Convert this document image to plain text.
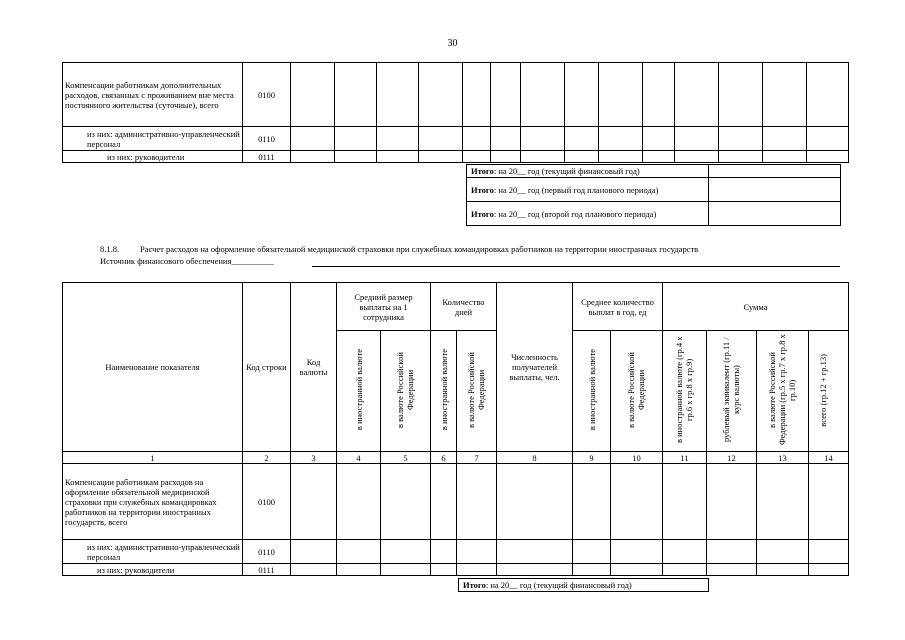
30
Компенсации работникам дополнительных расходов, связанных с проживанием вне места постоянного жительства (суточные), всего	0100														
из них: административно-управленческий персонал	0110														
из них: руководители	0111														
Итого: на 20__ год (текущий финансовый год)	
Итого: на 20__ год (первый год планового периода)	
Итого: на 20__ год (второй год планового периода)	
8.1.8. Расчет расходов на оформление обязательной медицинской страховки при служебных командировках работников на территории иностранных государств
Источник финансового обеспечения__________
Наименование показателя	Код строки	Код валюты	Средний размер выплаты на 1 сотрудника		Количество дней		Численность получателей выплаты, чел.	Среднее количество выплат в год, ед		Сумма			
			в иностранной валюте	в валюте Российской Федерации	в иностранной валюте	в валюте Российской Федерации		в иностранной валюте	в валюте Российской Федерации	в иностранной валюте (гр.4 х гр.6 х гр.8 х гр.9)	рублевый эквивалент (гр.11 / курс валюты)	в валюте Российской Федерации (гр.5 х гр.7 х гр.8 х гр.10)	всего (гр.12 + гр.13)
1	2	3	4	5	6	7	8	9	10	11	12	13	14
Компенсации работникам расходов на оформление обязательной медицинской страховки при служебных командировках работников на территории иностранных государств, всего	0100												
из них: административно-управленческий персонал	0110												
из них: руководители	0111												
Итого: на 20__ год (текущий финансовый год)
